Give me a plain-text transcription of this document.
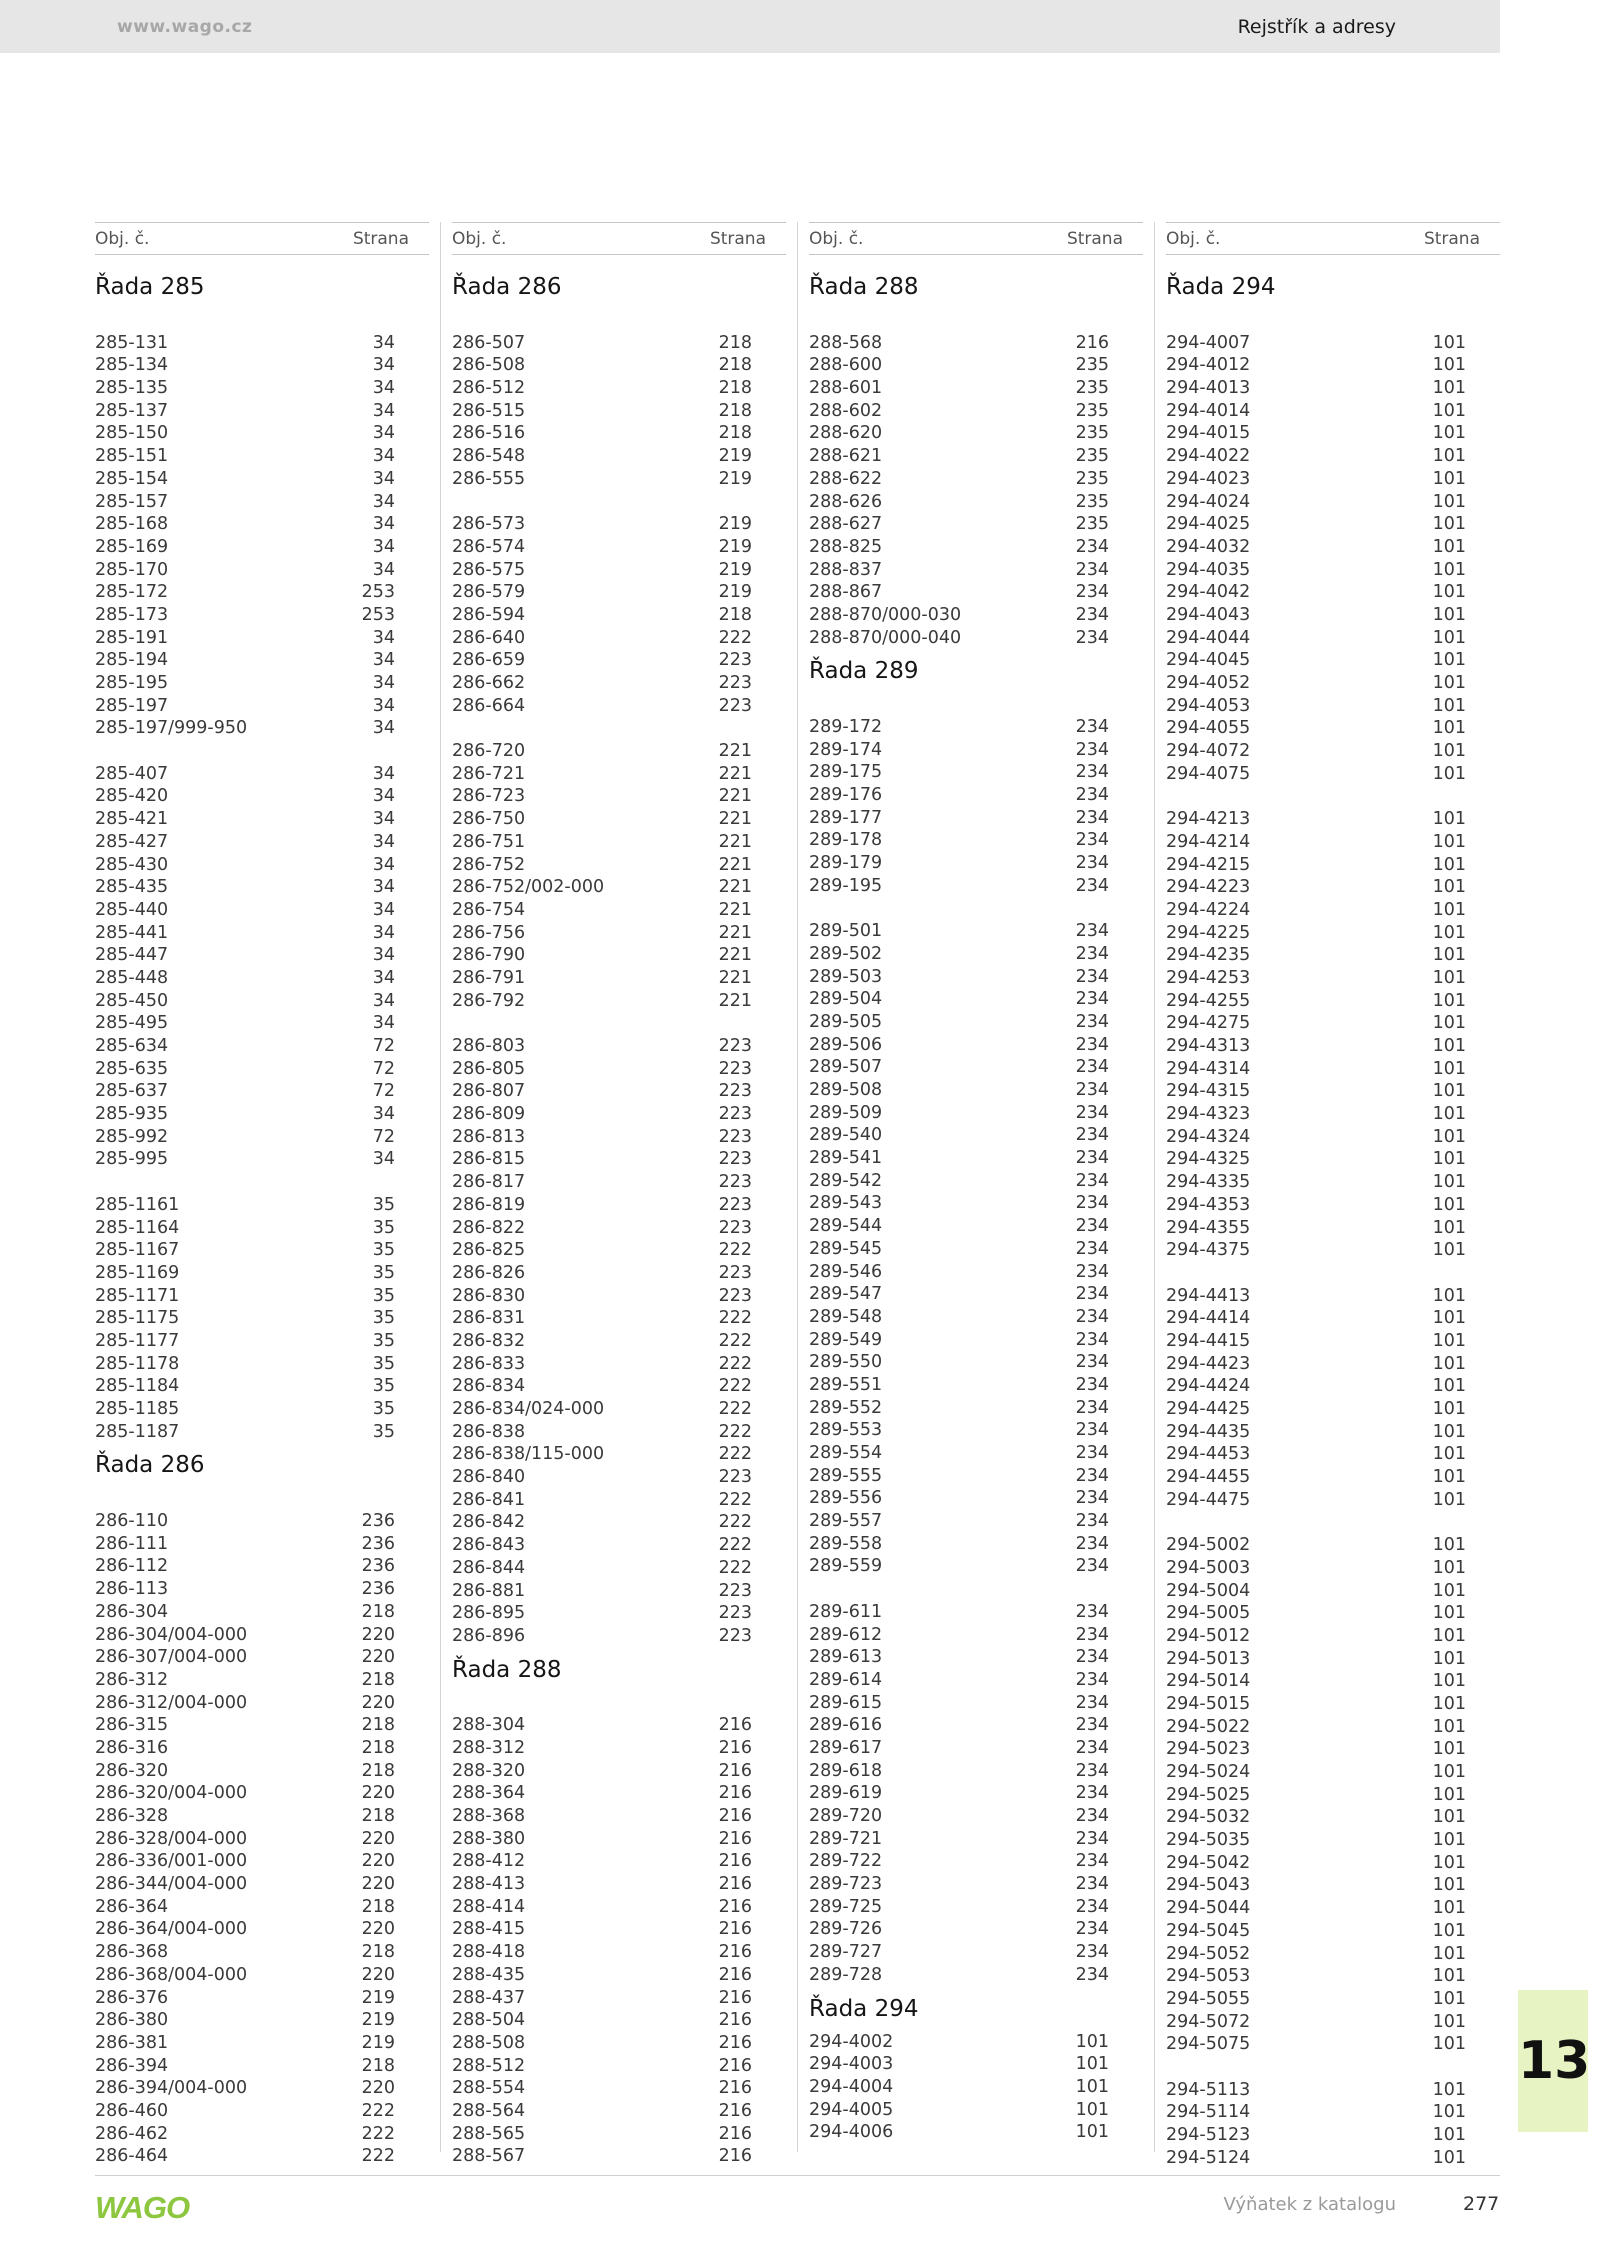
www.wago.cz	Rejstřík a adresy
Obj. č.	Strana
Řada 285
285-131	34
285-134	34
285-135	34
285-137	34
285-150	34
285-151	34
285-154	34
285-157	34
285-168	34
285-169	34
285-170	34
285-172	253
285-173	253
285-191	34
285-194	34
285-195	34
285-197	34
285-197/999-950	34
285-407	34
285-420	34
285-421	34
285-427	34
285-430	34
285-435	34
285-440	34
285-441	34
285-447	34
285-448	34
285-450	34
285-495	34
285-634	72
285-635	72
285-637	72
285-935	34
285-992	72
285-995	34
285-1161	35
285-1164	35
285-1167	35
285-1169	35
285-1171	35
285-1175	35
285-1177	35
285-1178	35
285-1184	35
285-1185	35
285-1187	35
Řada 286
286-110	236
286-111	236
286-112	236
286-113	236
286-304	218
286-304/004-000	220
286-307/004-000	220
286-312	218
286-312/004-000	220
286-315	218
286-316	218
286-320	218
286-320/004-000	220
286-328	218
286-328/004-000	220
286-336/001-000	220
286-344/004-000	220
286-364	218
286-364/004-000	220
286-368	218
286-368/004-000	220
286-376	219
286-380	219
286-381	219
286-394	218
286-394/004-000	220
286-460	222
286-462	222
286-464	222
Obj. č.	Strana
Řada 286
286-507	218
286-508	218
286-512	218
286-515	218
286-516	218
286-548	219
286-555	219
286-573	219
286-574	219
286-575	219
286-579	219
286-594	218
286-640	222
286-659	223
286-662	223
286-664	223
286-720	221
286-721	221
286-723	221
286-750	221
286-751	221
286-752	221
286-752/002-000	221
286-754	221
286-756	221
286-790	221
286-791	221
286-792	221
286-803	223
286-805	223
286-807	223
286-809	223
286-813	223
286-815	223
286-817	223
286-819	223
286-822	223
286-825	222
286-826	223
286-830	223
286-831	222
286-832	222
286-833	222
286-834	222
286-834/024-000	222
286-838	222
286-838/115-000	222
286-840	223
286-841	222
286-842	222
286-843	222
286-844	222
286-881	223
286-895	223
286-896	223
Řada 288
288-304	216
288-312	216
288-320	216
288-364	216
288-368	216
288-380	216
288-412	216
288-413	216
288-414	216
288-415	216
288-418	216
288-435	216
288-437	216
288-504	216
288-508	216
288-512	216
288-554	216
288-564	216
288-565	216
288-567	216
Obj. č.	Strana
Řada 288
288-568	216
288-600	235
288-601	235
288-602	235
288-620	235
288-621	235
288-622	235
288-626	235
288-627	235
288-825	234
288-837	234
288-867	234
288-870/000-030	234
288-870/000-040	234
Řada 289
289-172	234
289-174	234
289-175	234
289-176	234
289-177	234
289-178	234
289-179	234
289-195	234
289-501	234
289-502	234
289-503	234
289-504	234
289-505	234
289-506	234
289-507	234
289-508	234
289-509	234
289-540	234
289-541	234
289-542	234
289-543	234
289-544	234
289-545	234
289-546	234
289-547	234
289-548	234
289-549	234
289-550	234
289-551	234
289-552	234
289-553	234
289-554	234
289-555	234
289-556	234
289-557	234
289-558	234
289-559	234
289-611	234
289-612	234
289-613	234
289-614	234
289-615	234
289-616	234
289-617	234
289-618	234
289-619	234
289-720	234
289-721	234
289-722	234
289-723	234
289-725	234
289-726	234
289-727	234
289-728	234
Řada 294
294-4002	101
294-4003	101
294-4004	101
294-4005	101
294-4006	101
Obj. č.	Strana
Řada 294
294-4007	101
294-4012	101
294-4013	101
294-4014	101
294-4015	101
294-4022	101
294-4023	101
294-4024	101
294-4025	101
294-4032	101
294-4035	101
294-4042	101
294-4043	101
294-4044	101
294-4045	101
294-4052	101
294-4053	101
294-4055	101
294-4072	101
294-4075	101
294-4213	101
294-4214	101
294-4215	101
294-4223	101
294-4224	101
294-4225	101
294-4235	101
294-4253	101
294-4255	101
294-4275	101
294-4313	101
294-4314	101
294-4315	101
294-4323	101
294-4324	101
294-4325	101
294-4335	101
294-4353	101
294-4355	101
294-4375	101
294-4413	101
294-4414	101
294-4415	101
294-4423	101
294-4424	101
294-4425	101
294-4435	101
294-4453	101
294-4455	101
294-4475	101
294-5002	101
294-5003	101
294-5004	101
294-5005	101
294-5012	101
294-5013	101
294-5014	101
294-5015	101
294-5022	101
294-5023	101
294-5024	101
294-5025	101
294-5032	101
294-5035	101
294-5042	101
294-5043	101
294-5044	101
294-5045	101
294-5052	101
294-5053	101
294-5055	101
294-5072	101
294-5075	101
294-5113	101
294-5114	101
294-5123	101
294-5124	101
13
WAGO	Výňatek z katalogu	277
